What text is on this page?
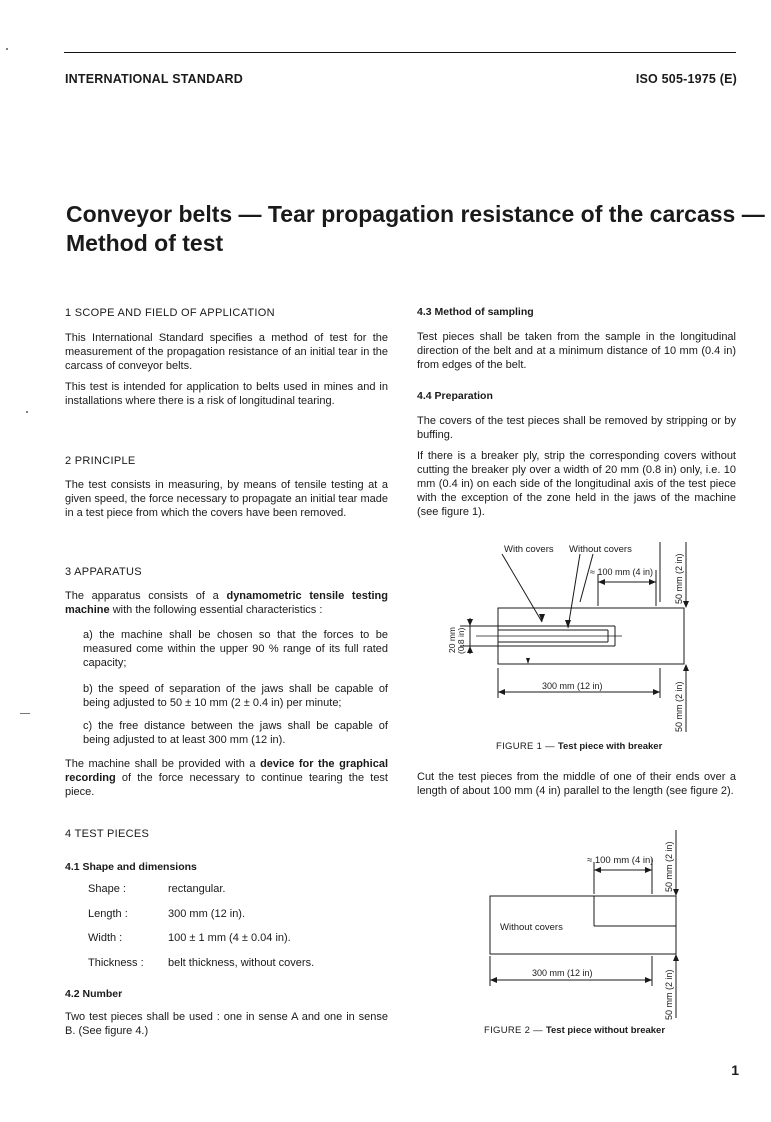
INTERNATIONAL STANDARD	ISO 505-1975 (E)
Conveyor belts — Tear propagation resistance of the carcass —
Method of test
1 SCOPE AND FIELD OF APPLICATION

This International Standard specifies a method of test for the measurement of the propagation resistance of an initial tear in the carcass of conveyor belts.

This test is intended for application to belts used in mines and in installations where there is a risk of longitudinal tearing.

2 PRINCIPLE

The test consists in measuring, by means of tensile testing at a given speed, the force necessary to propagate an initial tear made in a test piece from which the covers have been removed.

3 APPARATUS

The apparatus consists of a dynamometric tensile testing machine with the following essential characteristics :

a) the machine shall be chosen so that the forces to be measured come within the upper 90 % range of its full rated capacity;
b) the speed of separation of the jaws shall be capable of being adjusted to 50 ± 10 mm (2 ± 0.4 in) per minute;
c) the free distance between the jaws shall be capable of being adjusted to at least 300 mm (12 in).

The machine shall be provided with a device for the graphical recording of the force necessary to continue tearing the test piece.

4 TEST PIECES
4.1 Shape and dimensions
Shape :	rectangular.
Length :	300 mm (12 in).
Width :	100 ± 1 mm (4 ± 0.04 in).
Thickness : belt thickness, without covers.
4.2 Number

Two test pieces shall be used : one in sense A and one in sense B. (See figure 4.)

4.3 Method of sampling

Test pieces shall be taken from the sample in the longitudinal direction of the belt and at a minimum distance of 10 mm (0.4 in) from edges of the belt.

4.4 Preparation

The covers of the test pieces shall be removed by stripping or by buffing.

If there is a breaker ply, strip the corresponding covers without cutting the breaker ply over a width of 20 mm (0.8 in) only, i.e. 10 mm (0.4 in) on each side of the longitudinal axis of the test piece with the exception of the zone held in the jaws of the machine (see figure 1).

With covers Without covers
≈ 100 mm (4 in)
300 mm (12 in)
50 mm (2 in)
50 mm (2 in)
20 mm (0.8 in)
FIGURE 1 — Test piece with breaker

Cut the test pieces from the middle of one of their ends over a length of about 100 mm (4 in) parallel to the length (see figure 2).

Without covers
≈ 100 mm (4 in)
300 mm (12 in)
50 mm (2 in)
50 mm (2 in)
FIGURE 2 — Test piece without breaker
1
